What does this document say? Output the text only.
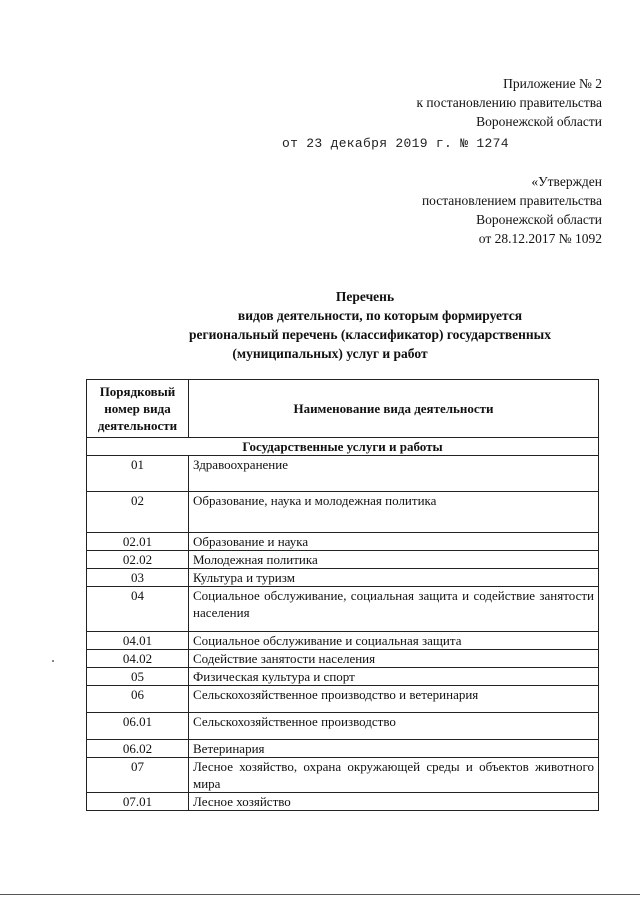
Приложение № 2
к постановлению правительства
Воронежской области
от 23 декабря 2019 г. № 1274
«Утвержден
постановлением правительства
Воронежской области
от 28.12.2017 № 1092
Перечень
видов деятельности, по которым формируется
региональный перечень (классификатор) государственных
(муниципальных) услуг и работ
Порядковый номер вида деятельности	Наименование вида деятельности
Государственные услуги и работы	
01	Здравоохранение
02	Образование, наука и молодежная политика
02.01	Образование и наука
02.02	Молодежная политика
03	Культура и туризм
04	Социальное обслуживание, социальная защита и содействие занятости населения
04.01	Социальное обслуживание и социальная защита
04.02	Содействие занятости населения
05	Физическая культура и спорт
06	Сельскохозяйственное производство и ветеринария
06.01	Сельскохозяйственное производство
06.02	Ветеринария
07	Лесное хозяйство, охрана окружающей среды и объектов животного мира
07.01	Лесное хозяйство
